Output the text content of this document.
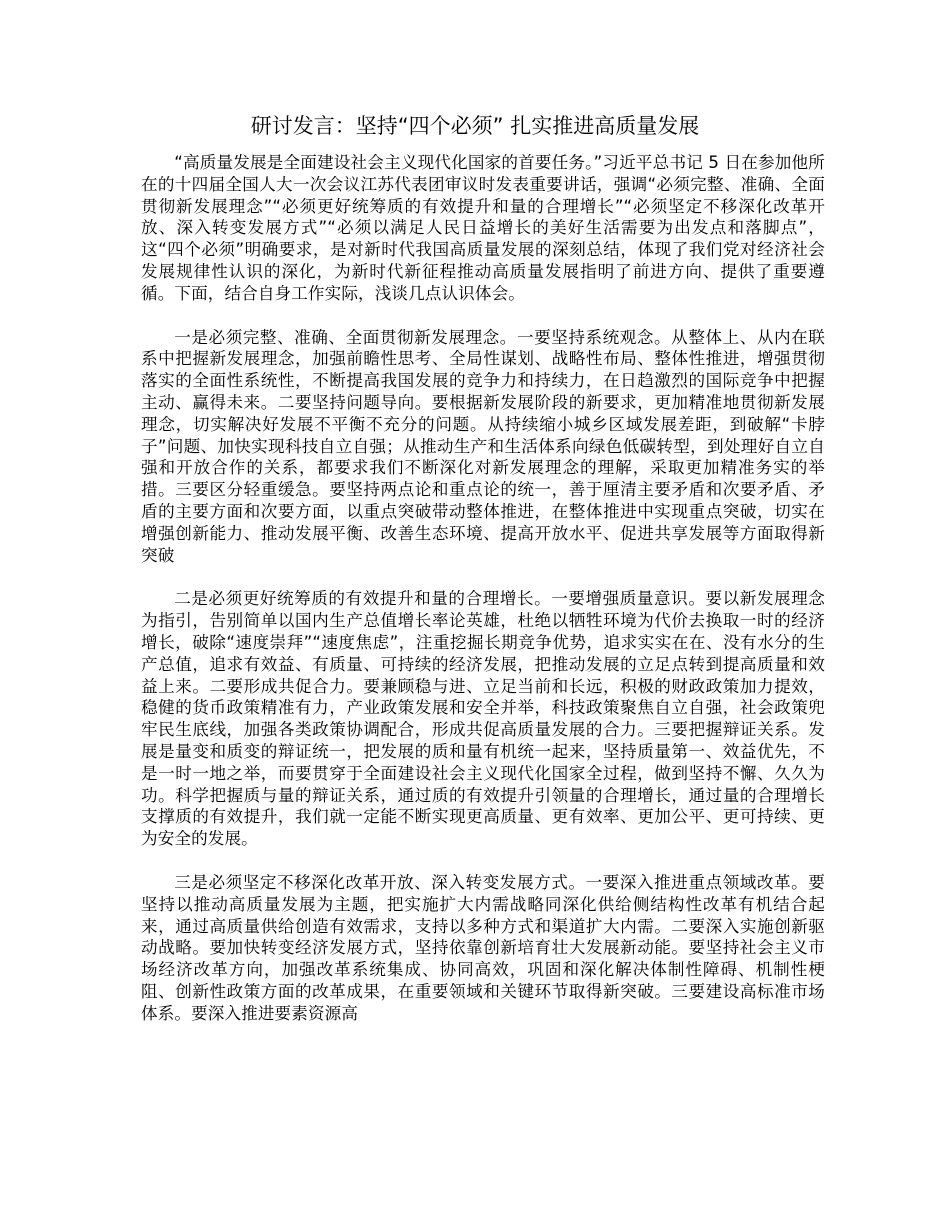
研讨发言：坚持“四个必须” 扎实推进高质量发展

“高质量发展是全面建设社会主义现代化国家的首要任务。”习近平总书记 5 日在参加他所在的十四届全国人大一次会议江苏代表团审议时发表重要讲话，强调“必须完整、准确、全面贯彻新发展理念”“必须更好统筹质的有效提升和量的合理增长”“必须坚定不移深化改革开放、深入转变发展方式”“必须以满足人民日益增长的美好生活需要为出发点和落脚点”，这“四个必须”明确要求，是对新时代我国高质量发展的深刻总结，体现了我们党对经济社会发展规律性认识的深化，为新时代新征程推动高质量发展指明了前进方向、提供了重要遵循。下面，结合自身工作实际，浅谈几点认识体会。

一是必须完整、准确、全面贯彻新发展理念。一要坚持系统观念。从整体上、从内在联系中把握新发展理念，加强前瞻性思考、全局性谋划、战略性布局、整体性推进，增强贯彻落实的全面性系统性，不断提高我国发展的竞争力和持续力，在日趋激烈的国际竞争中把握主动、赢得未来。二要坚持问题导向。要根据新发展阶段的新要求，更加精准地贯彻新发展理念，切实解决好发展不平衡不充分的问题。从持续缩小城乡区域发展差距，到破解“卡脖子”问题、加快实现科技自立自强；从推动生产和生活体系向绿色低碳转型，到处理好自立自强和开放合作的关系，都要求我们不断深化对新发展理念的理解，采取更加精准务实的举措。三要区分轻重缓急。要坚持两点论和重点论的统一，善于厘清主要矛盾和次要矛盾、矛盾的主要方面和次要方面，以重点突破带动整体推进，在整体推进中实现重点突破，切实在增强创新能力、推动发展平衡、改善生态环境、提高开放水平、促进共享发展等方面取得新突破

二是必须更好统筹质的有效提升和量的合理增长。一要增强质量意识。要以新发展理念为指引，告别简单以国内生产总值增长率论英雄，杜绝以牺牲环境为代价去换取一时的经济增长，破除“速度崇拜”“速度焦虑”，注重挖掘长期竞争优势，追求实实在在、没有水分的生产总值，追求有效益、有质量、可持续的经济发展，把推动发展的立足点转到提高质量和效益上来。二要形成共促合力。要兼顾稳与进、立足当前和长远，积极的财政政策加力提效，稳健的货币政策精准有力，产业政策发展和安全并举，科技政策聚焦自立自强，社会政策兜牢民生底线，加强各类政策协调配合，形成共促高质量发展的合力。三要把握辩证关系。发展是量变和质变的辩证统一，把发展的质和量有机统一起来，坚持质量第一、效益优先，不是一时一地之举，而要贯穿于全面建设社会主义现代化国家全过程，做到坚持不懈、久久为功。科学把握质与量的辩证关系，通过质的有效提升引领量的合理增长，通过量的合理增长支撑质的有效提升，我们就一定能不断实现更高质量、更有效率、更加公平、更可持续、更为安全的发展。

三是必须坚定不移深化改革开放、深入转变发展方式。一要深入推进重点领域改革。要坚持以推动高质量发展为主题，把实施扩大内需战略同深化供给侧结构性改革有机结合起来，通过高质量供给创造有效需求，支持以多种方式和渠道扩大内需。二要深入实施创新驱动战略。要加快转变经济发展方式，坚持依靠创新培育壮大发展新动能。要坚持社会主义市场经济改革方向，加强改革系统集成、协同高效，巩固和深化解决体制性障碍、机制性梗阻、创新性政策方面的改革成果，在重要领域和关键环节取得新突破。三要建设高标准市场体系。要深入推进要素资源高
